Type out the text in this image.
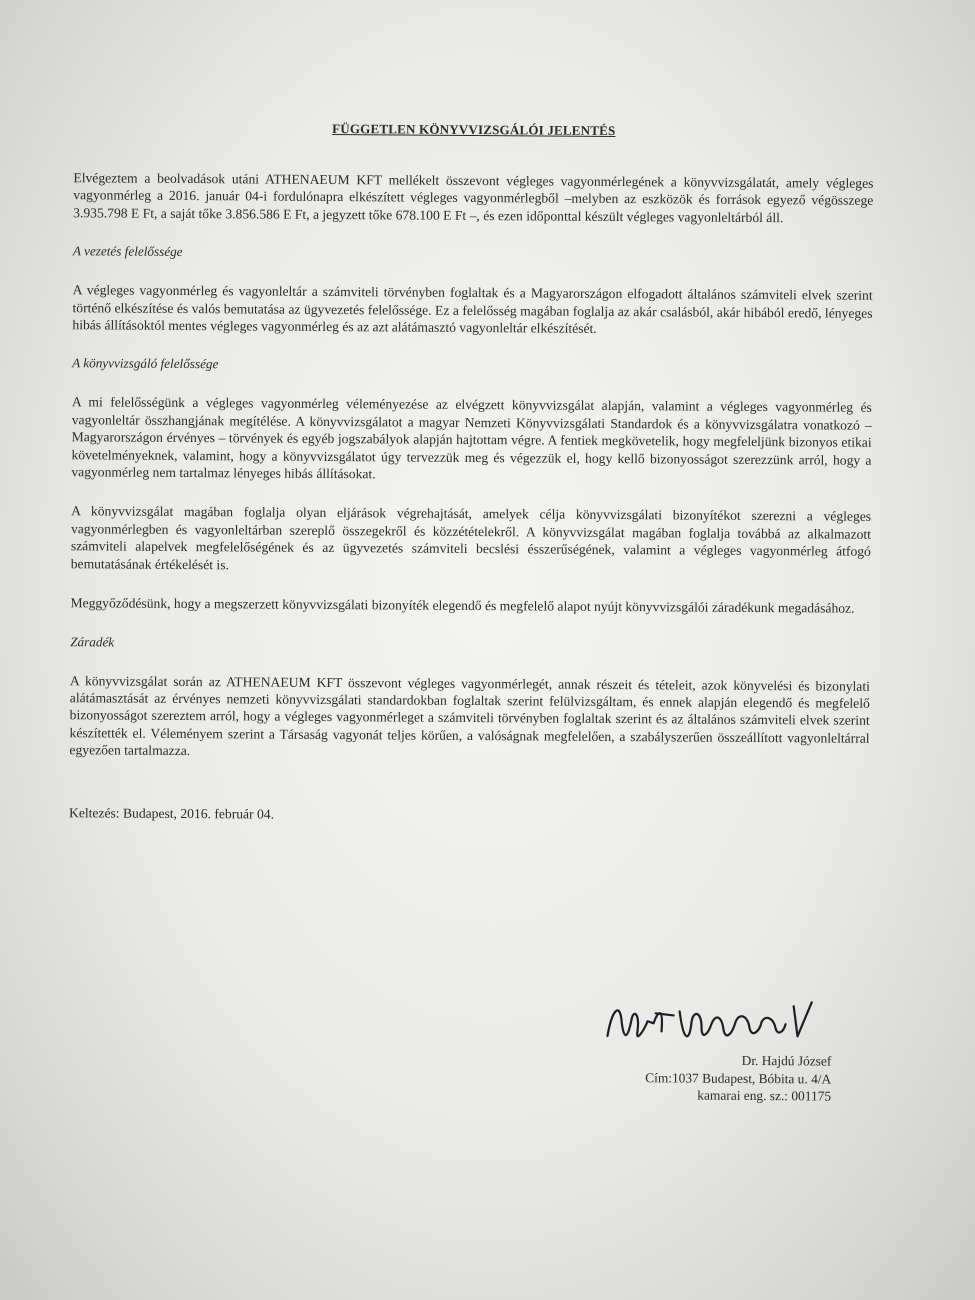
FÜGGETLEN KÖNYVVIZSGÁLÓI JELENTÉS

Elvégeztem a beolvadások utáni ATHENAEUM KFT mellékelt összevont végleges vagyonmérlegének a könyvvizsgálatát, amely végleges vagyonmérleg a 2016. január 04-i fordulónapra elkészített végleges vagyonmérlegből –melyben az eszközök és források egyező végösszege 3.935.798 E Ft, a saját tőke 3.856.586 E Ft, a jegyzett tőke 678.100 E Ft –, és ezen időponttal készült végleges vagyonleltárból áll.

A vezetés felelőssége

A végleges vagyonmérleg és vagyonleltár a számviteli törvényben foglaltak és a Magyarországon elfogadott általános számviteli elvek szerint történő elkészítése és valós bemutatása az ügyvezetés felelőssége. Ez a felelősség magában foglalja az akár csalásból, akár hibából eredő, lényeges hibás állításoktól mentes végleges vagyonmérleg és az azt alátámasztó vagyonleltár elkészítését.

A könyvvizsgáló felelőssége

A mi felelősségünk a végleges vagyonmérleg véleményezése az elvégzett könyvvizsgálat alapján, valamint a végleges vagyonmérleg és vagyonleltár összhangjának megítélése. A könyvvizsgálatot a magyar Nemzeti Könyvvizsgálati Standardok és a könyvvizsgálatra vonatkozó – Magyarországon érvényes – törvények és egyéb jogszabályok alapján hajtottam végre. A fentiek megkövetelik, hogy megfeleljünk bizonyos etikai követelményeknek, valamint, hogy a könyvvizsgálatot úgy tervezzük meg és végezzük el, hogy kellő bizonyosságot szerezzünk arról, hogy a vagyonmérleg nem tartalmaz lényeges hibás állításokat.

A könyvvizsgálat magában foglalja olyan eljárások végrehajtását, amelyek célja könyvvizsgálati bizonyítékot szerezni a végleges vagyonmérlegben és vagyonleltárban szereplő összegekről és közzétételekről. A könyvvizsgálat magában foglalja továbbá az alkalmazott számviteli alapelvek megfelelőségének és az ügyvezetés számviteli becslési ésszerűségének, valamint a végleges vagyonmérleg átfogó bemutatásának értékelését is.

Meggyőződésünk, hogy a megszerzett könyvvizsgálati bizonyíték elegendő és megfelelő alapot nyújt könyvvizsgálói záradékunk megadásához.

Záradék

A könyvvizsgálat során az ATHENAEUM KFT összevont végleges vagyonmérlegét, annak részeit és tételeit, azok könyvelési és bizonylati alátámasztását az érvényes nemzeti könyvvizsgálati standardokban foglaltak szerint felülvizsgáltam, és ennek alapján elegendő és megfelelő bizonyosságot szereztem arról, hogy a végleges vagyonmérleget a számviteli törvényben foglaltak szerint és az általános számviteli elvek szerint készítették el. Véleményem szerint a Társaság vagyonát teljes körűen, a valóságnak megfelelően, a szabályszerűen összeállított vagyonleltárral egyezően tartalmazza.

Keltezés: Budapest, 2016. február 04.
Dr. Hajdú József
Cím:1037 Budapest, Bóbita u. 4/A
kamarai eng. sz.: 001175
